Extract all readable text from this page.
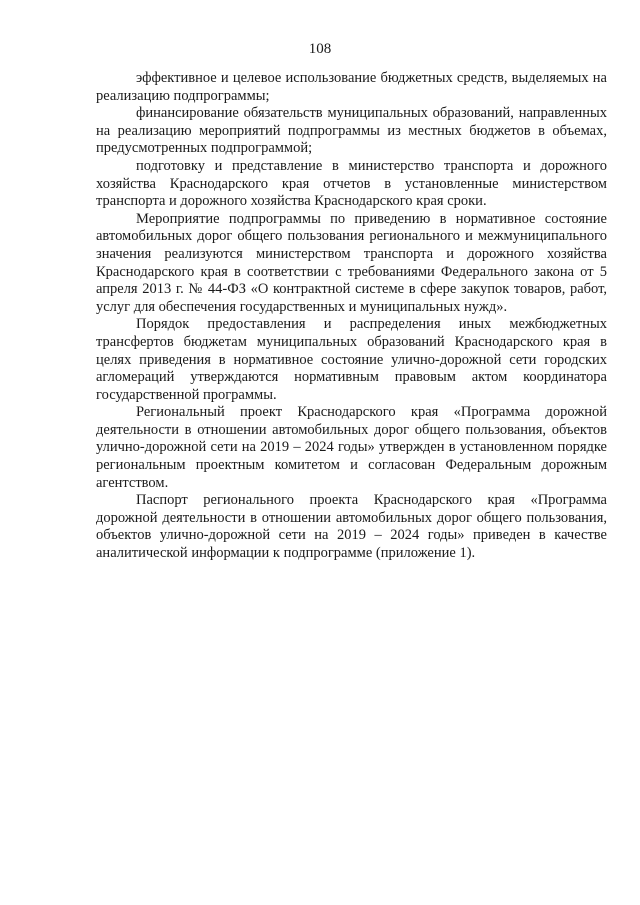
108

эффективное и целевое использование бюджетных средств, выделяемых на реализацию подпрограммы;

финансирование обязательств муниципальных образований, направленных на реализацию мероприятий подпрограммы из местных бюджетов в объемах, предусмотренных подпрограммой;

подготовку и представление в министерство транспорта и дорожного хозяйства Краснодарского края отчетов в установленные министерством транспорта и дорожного хозяйства Краснодарского края сроки.

Мероприятие подпрограммы по приведению в нормативное состояние автомобильных дорог общего пользования регионального и межмуниципального значения реализуются министерством транспорта и дорожного хозяйства Краснодарского края в соответствии с требованиями Федерального закона от 5 апреля 2013 г. № 44-ФЗ «О контрактной системе в сфере закупок товаров, работ, услуг для обеспечения государственных и муниципальных нужд».

Порядок предоставления и распределения иных межбюджетных трансфертов бюджетам муниципальных образований Краснодарского края в целях приведения в нормативное состояние улично-дорожной сети городских агломераций утверждаются нормативным правовым актом координатора государственной программы.

Региональный проект Краснодарского края «Программа дорожной деятельности в отношении автомобильных дорог общего пользования, объектов улично-дорожной сети на 2019 – 2024 годы» утвержден в установленном порядке региональным проектным комитетом и согласован Федеральным дорожным агентством.

Паспорт регионального проекта Краснодарского края «Программа дорожной деятельности в отношении автомобильных дорог общего пользования, объектов улично-дорожной сети на 2019 – 2024 годы» приведен в качестве аналитической информации к подпрограмме (приложение 1).
